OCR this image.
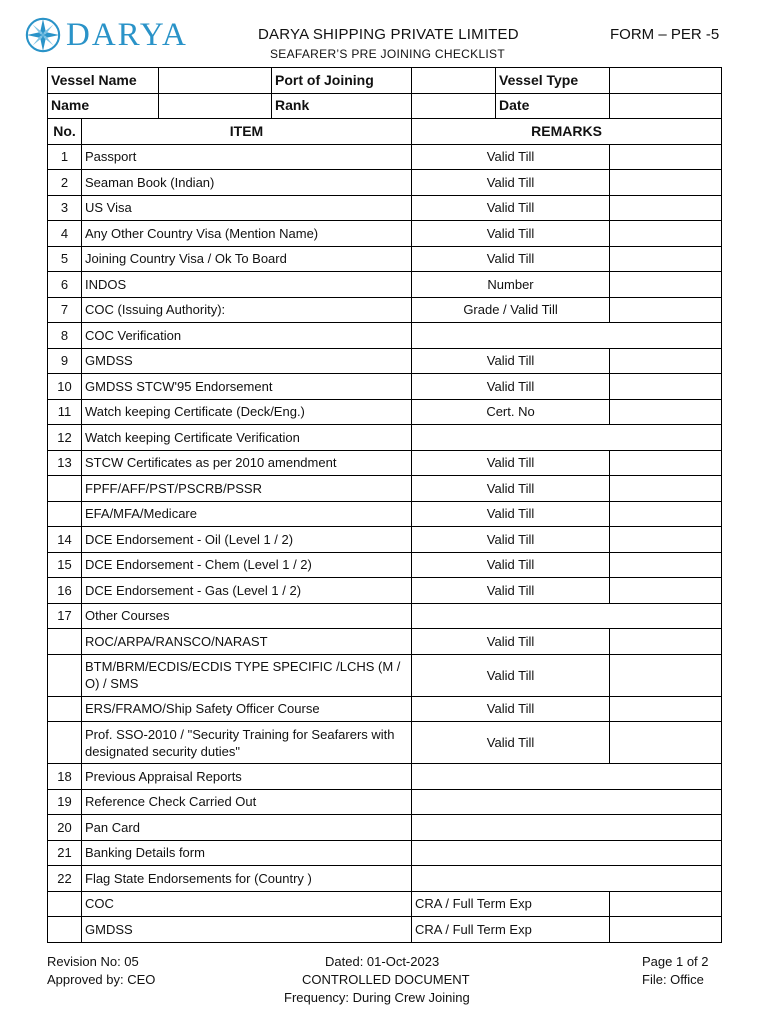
DARYA	DARYA SHIPPING PRIVATE LIMITED
SEAFARER’S PRE JOINING CHECKLIST
FORM – PER -5
Vessel Name			Port of Joining		Vessel Type	
Name			Rank		Date	
No.	ITEM			REMARKS		
1	Passport			Valid Till		
2	Seaman Book (Indian)			Valid Till		
3	US Visa			Valid Till		
4	Any Other Country Visa (Mention Name)			Valid Till		
5	Joining Country Visa / Ok To Board			Valid Till		
6	INDOS			Number		
7	COC (Issuing Authority):			Grade / Valid Till		
8	COC Verification					
9	GMDSS			Valid Till		
10	GMDSS STCW'95 Endorsement			Valid Till		
11	Watch keeping Certificate (Deck/Eng.)			Cert. No		
12	Watch keeping Certificate Verification					
13	STCW Certificates as per 2010 amendment			Valid Till		
	FPFF/AFF/PST/PSCRB/PSSR			Valid Till		
	EFA/MFA/Medicare			Valid Till		
14	DCE Endorsement - Oil (Level 1 / 2)			Valid Till		
15	DCE Endorsement - Chem (Level 1 / 2)			Valid Till		
16	DCE Endorsement - Gas (Level 1 / 2)			Valid Till		
17	Other Courses					
	ROC/ARPA/RANSCO/NARAST			Valid Till		
	BTM/BRM/ECDIS/ECDIS TYPE SPECIFIC /LCHS (M / O) / SMS			Valid Till		
	ERS/FRAMO/Ship Safety Officer Course			Valid Till		
	Prof. SSO-2010 / "Security Training for Seafarers with designated security duties"			Valid Till		
18	Previous Appraisal Reports					
19	Reference Check Carried Out					
20	Pan Card					
21	Banking Details form					
22	Flag State Endorsements for (Country )					
	COC			CRA / Full Term Exp		
	GMDSS			CRA / Full Term Exp		
Revision No: 05
Approved by: CEO
Dated: 01-Oct-2023
CONTROLLED DOCUMENT
Frequency: During Crew Joining
Page 1 of 2
File: Office
